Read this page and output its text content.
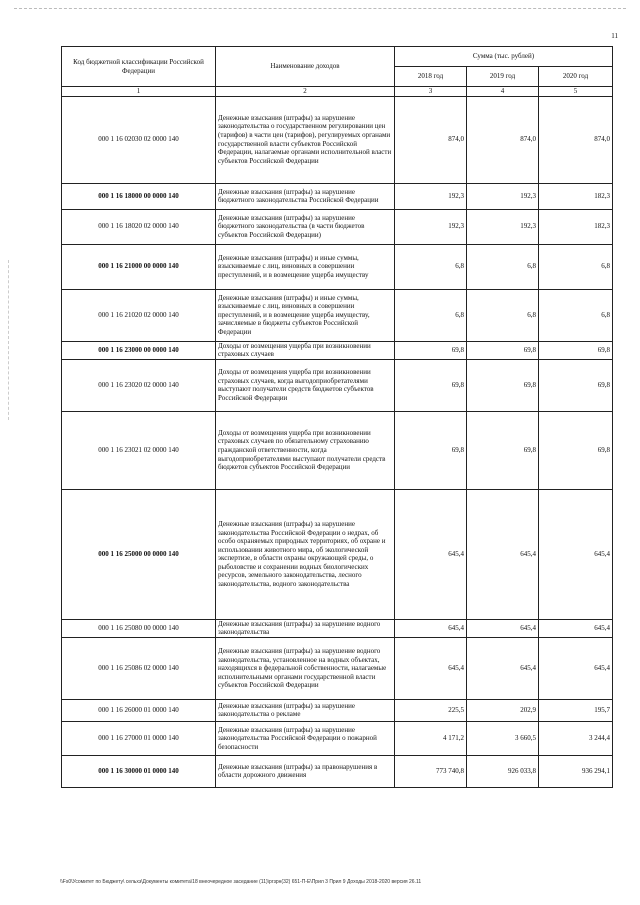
11
Код бюджетной классификации Российской Федерации	Наименование доходов	Сумма (тыс. рублей)		
		2018 год	2019 год	2020 год
1	2	3	4	5
000 1 16 02030 02 0000 140	Денежные взыскания (штрафы) за нарушение законодательства о государственном регулировании цен (тарифов) в части цен (тарифов), регулируемых органами государственной власти субъектов Российской Федерации, налагаемые органами исполнительной власти субъектов Российской Федерации	874,0	874,0	874,0
000 1 16 18000 00 0000 140	Денежные взыскания (штрафы) за нарушение бюджетного законодательства Российской Федерации	192,3	192,3	182,3
000 1 16 18020 02 0000 140	Денежные взыскания (штрафы) за нарушение бюджетного законодательства (в части бюджетов субъектов Российской Федерации)	192,3	192,3	182,3
000 1 16 21000 00 0000 140	Денежные взыскания (штрафы) и иные суммы, взыскиваемые с лиц, виновных в совершении преступлений, и в возмещение ущерба имуществу	6,8	6,8	6,8
000 1 16 21020 02 0000 140	Денежные взыскания (штрафы) и иные суммы, взыскиваемые с лиц, виновных в совершении преступлений, и в возмещение ущерба имуществу, зачисляемые в бюджеты субъектов Российской Федерации	6,8	6,8	6,8
000 1 16 23000 00 0000 140	Доходы от возмещения ущерба при возникновении страховых случаев	69,8	69,8	69,8
000 1 16 23020 02 0000 140	Доходы от возмещения ущерба при возникновении страховых случаев, когда выгодоприобретателями выступают получатели средств бюджетов субъектов Российской Федерации	69,8	69,8	69,8
000 1 16 23021 02 0000 140	Доходы от возмещения ущерба при возникновении страховых случаев по обязательному страхованию гражданской ответственности, когда выгодоприобретателями выступают получатели средств бюджетов субъектов Российской Федерации	69,8	69,8	69,8
000 1 16 25000 00 0000 140	Денежные взыскания (штрафы) за нарушение законодательства Российской Федерации о недрах, об особо охраняемых природных территориях, об охране и использовании животного мира, об экологической экспертизе, в области охраны окружающей среды, о рыболовстве и сохранении водных биологических ресурсов, земельного законодательства, лесного законодательства, водного законодательства	645,4	645,4	645,4
000 1 16 25080 00 0000 140	Денежные взыскания (штрафы) за нарушение водного законодательства	645,4	645,4	645,4
000 1 16 25086 02 0000 140	Денежные взыскания (штрафы) за нарушение водного законодательства, установленное на водных объектах, находящихся в федеральной собственности, налагаемые исполнительными органами государственной власти субъектов Российской Федерации	645,4	645,4	645,4
000 1 16 26000 01 0000 140	Денежные взыскания (штрафы) за нарушение законодательства о рекламе	225,5	202,9	195,7
000 1 16 27000 01 0000 140	Денежные взыскания (штрафы) за нарушение законодательства Российской Федерации о пожарной безопасности	4 171,2	3 660,5	3 244,4
000 1 16 30000 01 0000 140	Денежные взыскания (штрафы) за правонарушения в области дорожного движения	773 740,8	926 033,8	936 294,1
\\Fs0\Усомитет по Бюджету\ сельхз\Документы комитета\18 внеочередное заседание (11)\ргзрн(32) 651-П-E\Прил 3 Прил 9 Доходы 2018-2020 версия 26.11
